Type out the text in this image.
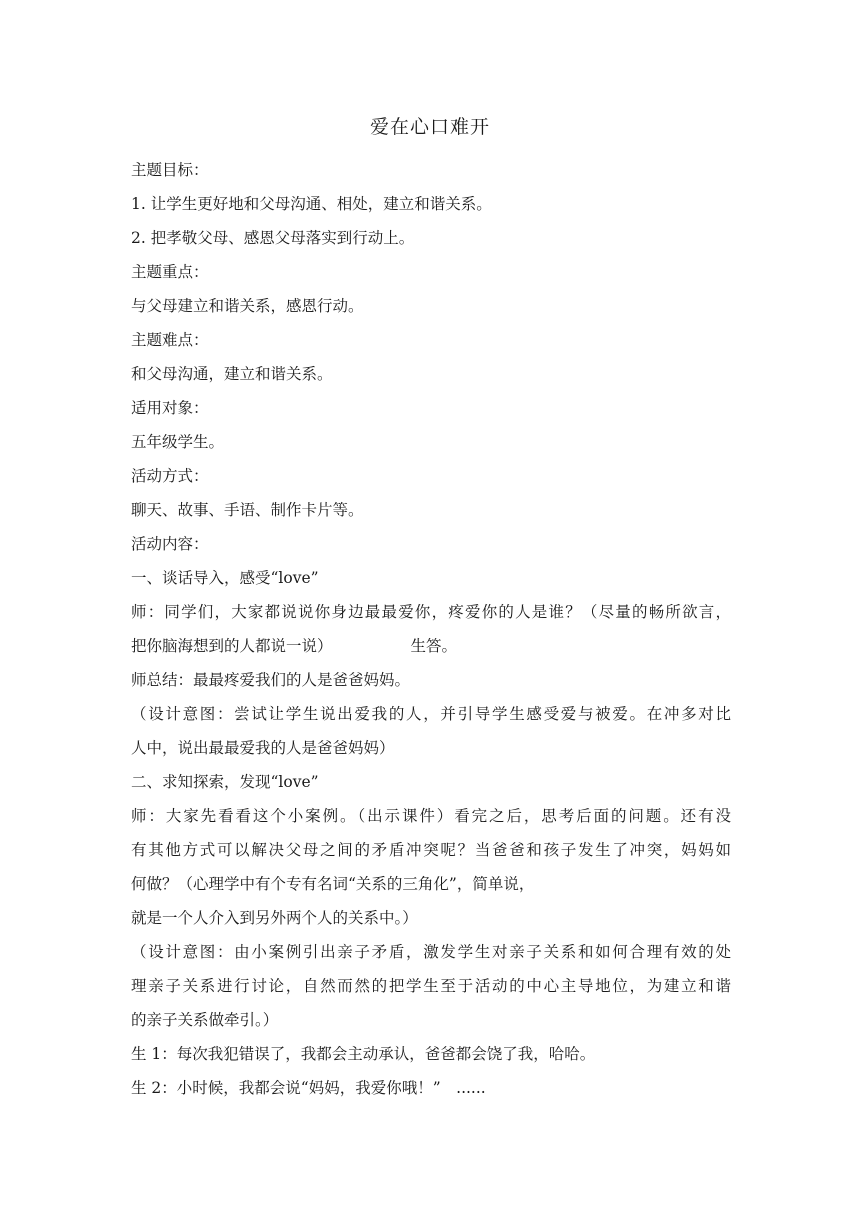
爱在心口难开
主题目标：
1. 让学生更好地和父母沟通、相处，建立和谐关系。
2. 把孝敬父母、感恩父母落实到行动上。
主题重点：
与父母建立和谐关系，感恩行动。
主题难点：
和父母沟通，建立和谐关系。
适用对象：
五年级学生。
活动方式：
聊天、故事、手语、制作卡片等。
活动内容：
一、谈话导入，感受“love”
师：同学们，大家都说说你身边最最爱你，疼爱你的人是谁？（尽量的畅所欲言，
把你脑海想到的人都说一说）	生答。
师总结：最最疼爱我们的人是爸爸妈妈。
（设计意图：尝试让学生说出爱我的人，并引导学生感受爱与被爱。在冲多对比
人中，说出最最爱我的人是爸爸妈妈）
二、求知探索，发现“love”
师：大家先看看这个小案例。（出示课件）看完之后，思考后面的问题。还有没
有其他方式可以解决父母之间的矛盾冲突呢？当爸爸和孩子发生了冲突，妈妈如
何做？（心理学中有个专有名词“关系的三角化”，简单说，
就是一个人介入到另外两个人的关系中。）
（设计意图：由小案例引出亲子矛盾，激发学生对亲子关系和如何合理有效的处
理亲子关系进行讨论，自然而然的把学生至于活动的中心主导地位，为建立和谐
的亲子关系做牵引。）
生 1：每次我犯错误了，我都会主动承认，爸爸都会饶了我，哈哈。
生 2：小时候，我都会说“妈妈，我爱你哦！”　......
